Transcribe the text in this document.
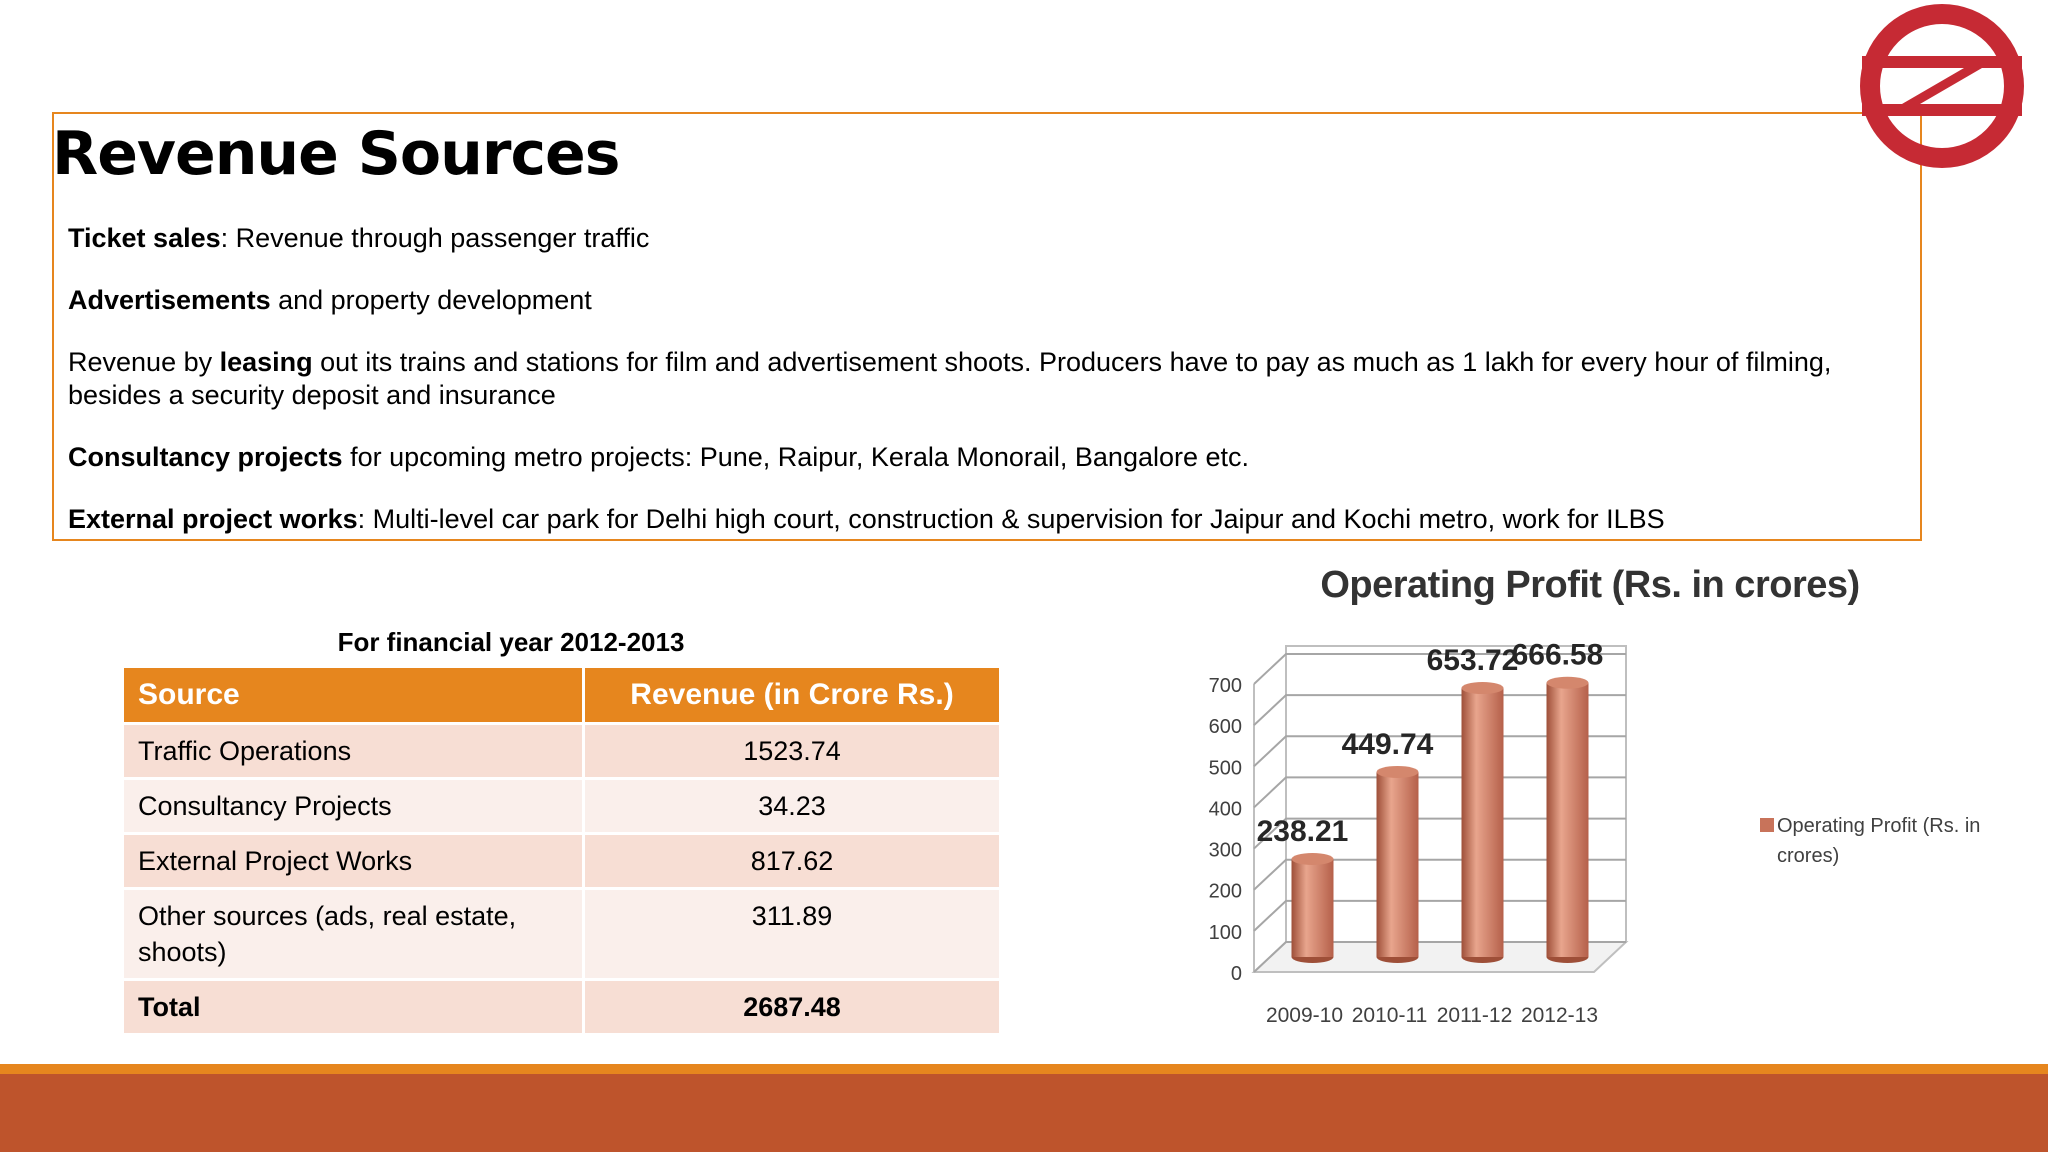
Revenue Sources
Ticket sales: Revenue through passenger traffic
Advertisements and property development
Revenue by leasing out its trains and stations for film and advertisement shoots. Producers have to pay as much as 1 lakh for every hour of filming,
besides a security deposit and insurance
Consultancy projects for upcoming metro projects: Pune, Raipur, Kerala Monorail, Bangalore etc.
External project works: Multi-level car park for Delhi high court, construction & supervision for Jaipur and Kochi metro, work for ILBS
For financial year 2012-2013
Source	Revenue (in Crore Rs.)
Traffic Operations	1523.74
Consultancy Projects	34.23
External Project Works	817.62
Other sources (ads, real estate, shoots)	311.89
Total	2687.48
Operating Profit (Rs. in crores)
0
100
200
300
400
500
600
700
238.21
2009-10
449.74
2010-11
653.72
2011-12
666.58
2012-13
Operating Profit (Rs. in crores)
